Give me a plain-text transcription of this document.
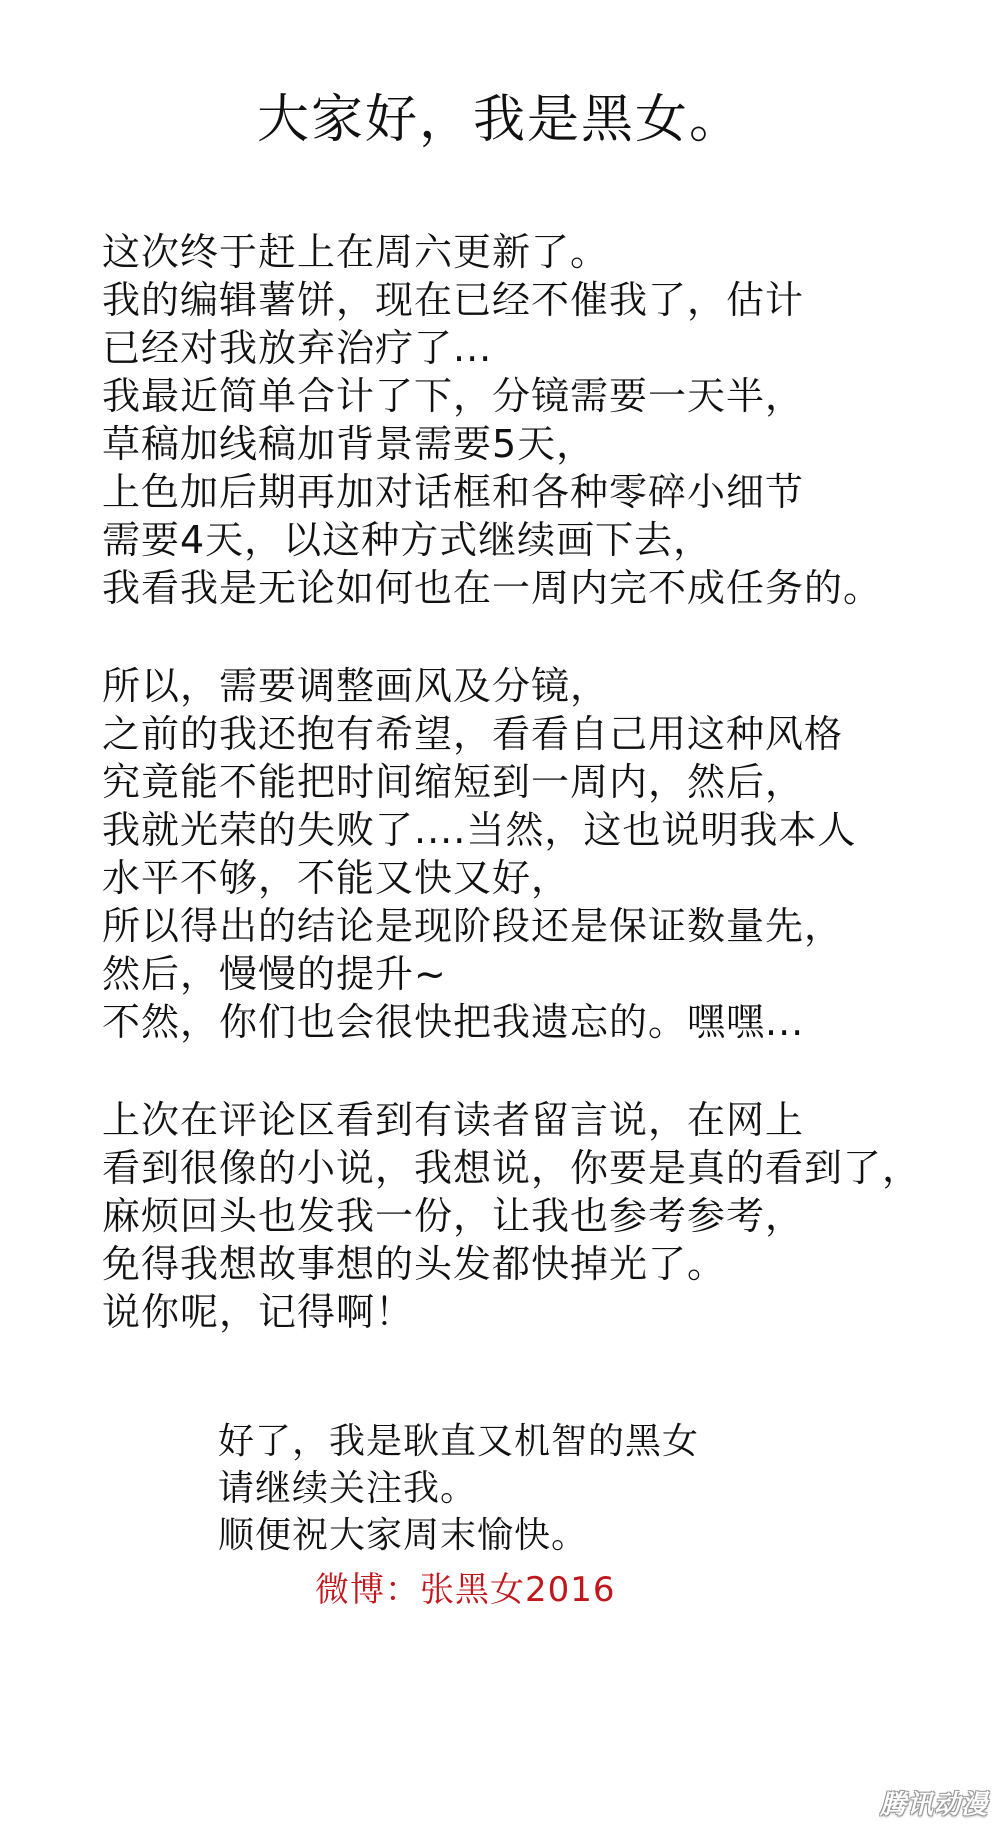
大家好，我是黑女。
这次终于赶上在周六更新了。
我的编辑薯饼，现在已经不催我了，估计
已经对我放弃治疗了...
我最近简单合计了下，分镜需要一天半，
草稿加线稿加背景需要5天，
上色加后期再加对话框和各种零碎小细节
需要4天，以这种方式继续画下去，
我看我是无论如何也在一周内完不成任务的。
所以，需要调整画风及分镜，
之前的我还抱有希望，看看自己用这种风格
究竟能不能把时间缩短到一周内，然后，
我就光荣的失败了....当然，这也说明我本人
水平不够，不能又快又好，
所以得出的结论是现阶段还是保证数量先，
然后，慢慢的提升~
不然，你们也会很快把我遗忘的。嘿嘿...
上次在评论区看到有读者留言说，在网上
看到很像的小说，我想说，你要是真的看到了，
麻烦回头也发我一份，让我也参考参考，
免得我想故事想的头发都快掉光了。
说你呢，记得啊！
好了，我是耿直又机智的黑女
请继续关注我。
顺便祝大家周末愉快。
微博：张黑女2016
腾讯动漫
